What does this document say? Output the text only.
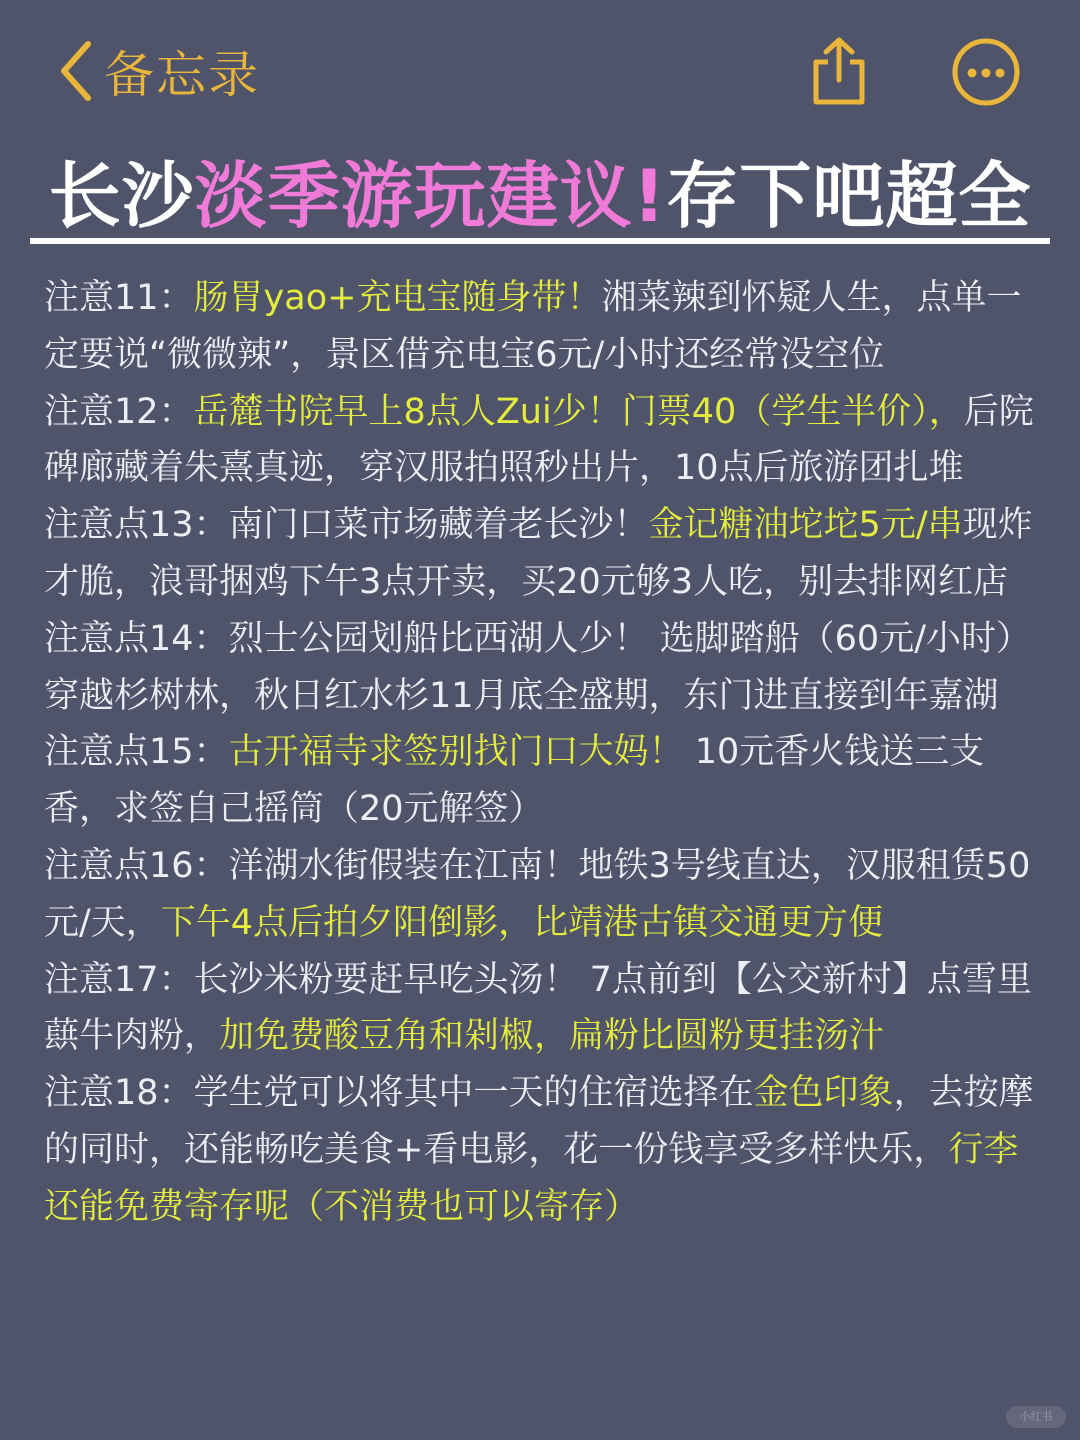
备忘录
长沙淡季游玩建议!存下吧超全

注意11：肠胃yao+充电宝随身带！湘菜辣到怀疑人生，点单一定要说“微微辣”，景区借充电宝6元/小时还经常没空位

注意12：岳麓书院早上8点人Zui少！门票40（学生半价），后院碑廊藏着朱熹真迹，穿汉服拍照秒出片，10点后旅游团扎堆

注意点13：南门口菜市场藏着老长沙！金记糖油坨坨5元/串现炸才脆，浪哥捆鸡下午3点开卖，买20元够3人吃，别去排网红店

注意点14：烈士公园划船比西湖人少！ 选脚踏船（60元/小时）穿越杉树林，秋日红水杉11月底全盛期，东门进直接到年嘉湖

注意点15：古开福寺求签别找门口大妈！ 10元香火钱送三支香，求签自己摇筒（20元解签）

注意点16：洋湖水街假装在江南！地铁3号线直达，汉服租赁50元/天，下午4点后拍夕阳倒影，比靖港古镇交通更方便

注意17：长沙米粉要赶早吃头汤！ 7点前到【公交新村】点雪里蕻牛肉粉，加免费酸豆角和剁椒，扁粉比圆粉更挂汤汁

注意18：学生党可以将其中一天的住宿选择在金色印象，去按摩的同时，还能畅吃美食+看电影，花一份钱享受多样快乐，行李还能免费寄存呢（不消费也可以寄存）

小红书
